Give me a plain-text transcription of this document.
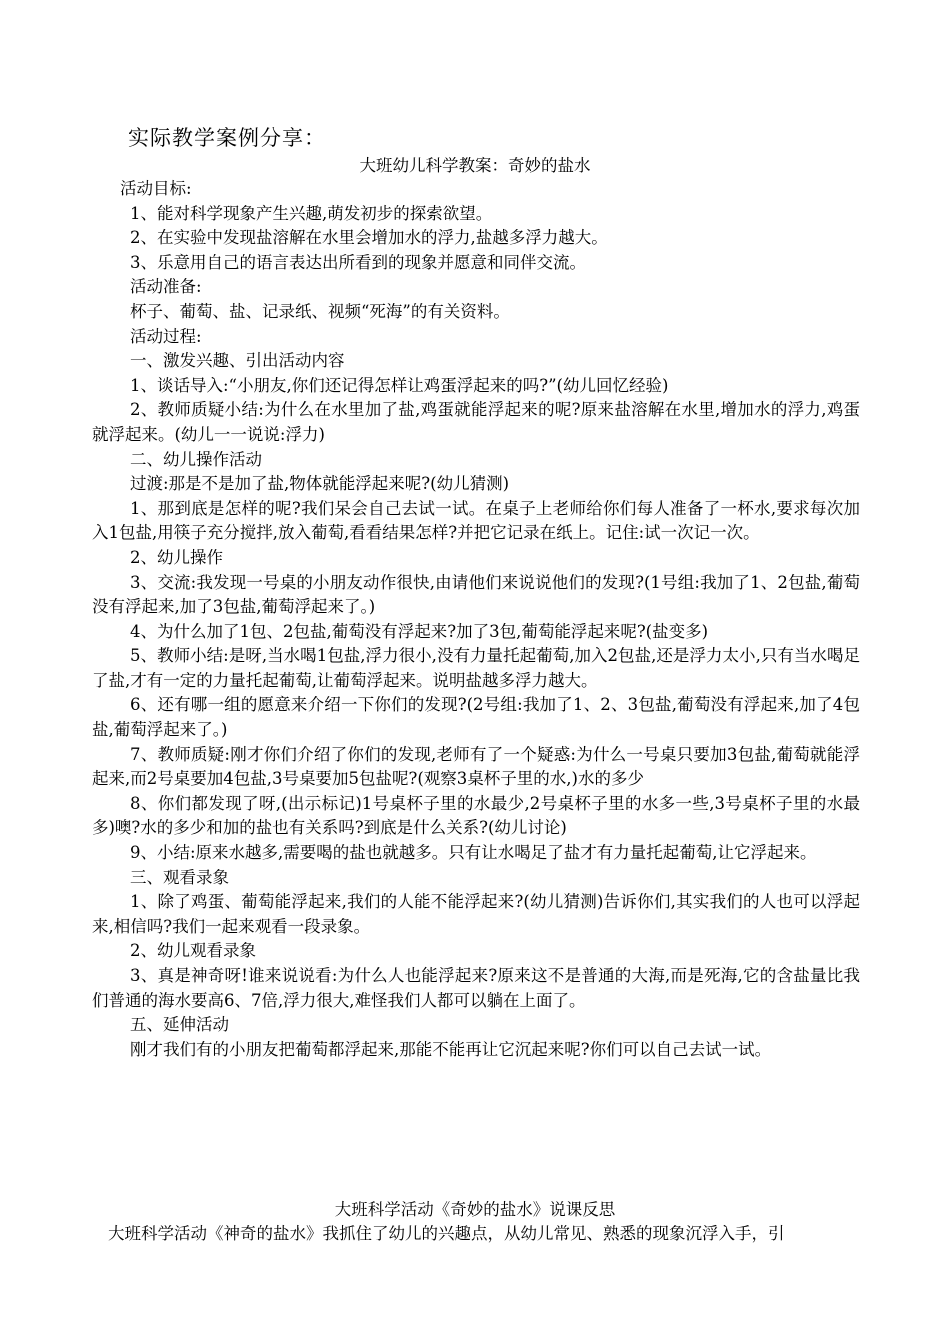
实际教学案例分享：
大班幼儿科学教案：奇妙的盐水

活动目标:

1、能对科学现象产生兴趣,萌发初步的探索欲望。

2、在实验中发现盐溶解在水里会增加水的浮力,盐越多浮力越大。

3、乐意用自己的语言表达出所看到的现象并愿意和同伴交流。

活动准备:

杯子、葡萄、盐、记录纸、视频“死海”的有关资料。

活动过程:

一、激发兴趣、引出活动内容

1、谈话导入:“小朋友,你们还记得怎样让鸡蛋浮起来的吗?”(幼儿回忆经验)

2、教师质疑小结:为什么在水里加了盐,鸡蛋就能浮起来的呢?原来盐溶解在水里,增加水的浮力,鸡蛋就浮起来。(幼儿一一说说:浮力)

二、幼儿操作活动

过渡:那是不是加了盐,物体就能浮起来呢?(幼儿猜测)

1、那到底是怎样的呢?我们呆会自己去试一试。在桌子上老师给你们每人准备了一杯水,要求每次加入1包盐,用筷子充分搅拌,放入葡萄,看看结果怎样?并把它记录在纸上。记住:试一次记一次。

2、幼儿操作

3、交流:我发现一号桌的小朋友动作很快,由请他们来说说他们的发现?(1号组:我加了1、2包盐,葡萄没有浮起来,加了3包盐,葡萄浮起来了。)

4、为什么加了1包、2包盐,葡萄没有浮起来?加了3包,葡萄能浮起来呢?(盐变多)

5、教师小结:是呀,当水喝1包盐,浮力很小,没有力量托起葡萄,加入2包盐,还是浮力太小,只有当水喝足了盐,才有一定的力量托起葡萄,让葡萄浮起来。说明盐越多浮力越大。

6、还有哪一组的愿意来介绍一下你们的发现?(2号组:我加了1、2、3包盐,葡萄没有浮起来,加了4包盐,葡萄浮起来了。)

7、教师质疑:刚才你们介绍了你们的发现,老师有了一个疑惑:为什么一号桌只要加3包盐,葡萄就能浮起来,而2号桌要加4包盐,3号桌要加5包盐呢?(观察3桌杯子里的水,)水的多少

8、你们都发现了呀,(出示标记)1号桌杯子里的水最少,2号桌杯子里的水多一些,3号桌杯子里的水最多)噢?水的多少和加的盐也有关系吗?到底是什么关系?(幼儿讨论)

9、小结:原来水越多,需要喝的盐也就越多。只有让水喝足了盐才有力量托起葡萄,让它浮起来。

三、观看录象

1、除了鸡蛋、葡萄能浮起来,我们的人能不能浮起来?(幼儿猜测)告诉你们,其实我们的人也可以浮起来,相信吗?我们一起来观看一段录象。

2、幼儿观看录象

3、真是神奇呀!谁来说说看:为什么人也能浮起来?原来这不是普通的大海,而是死海,它的含盐量比我们普通的海水要高6、7倍,浮力很大,难怪我们人都可以躺在上面了。

五、延伸活动

刚才我们有的小朋友把葡萄都浮起来,那能不能再让它沉起来呢?你们可以自己去试一试。

大班科学活动《奇妙的盐水》说课反思
大班科学活动《神奇的盐水》我抓住了幼儿的兴趣点，从幼儿常见、熟悉的现象沉浮入手，引
